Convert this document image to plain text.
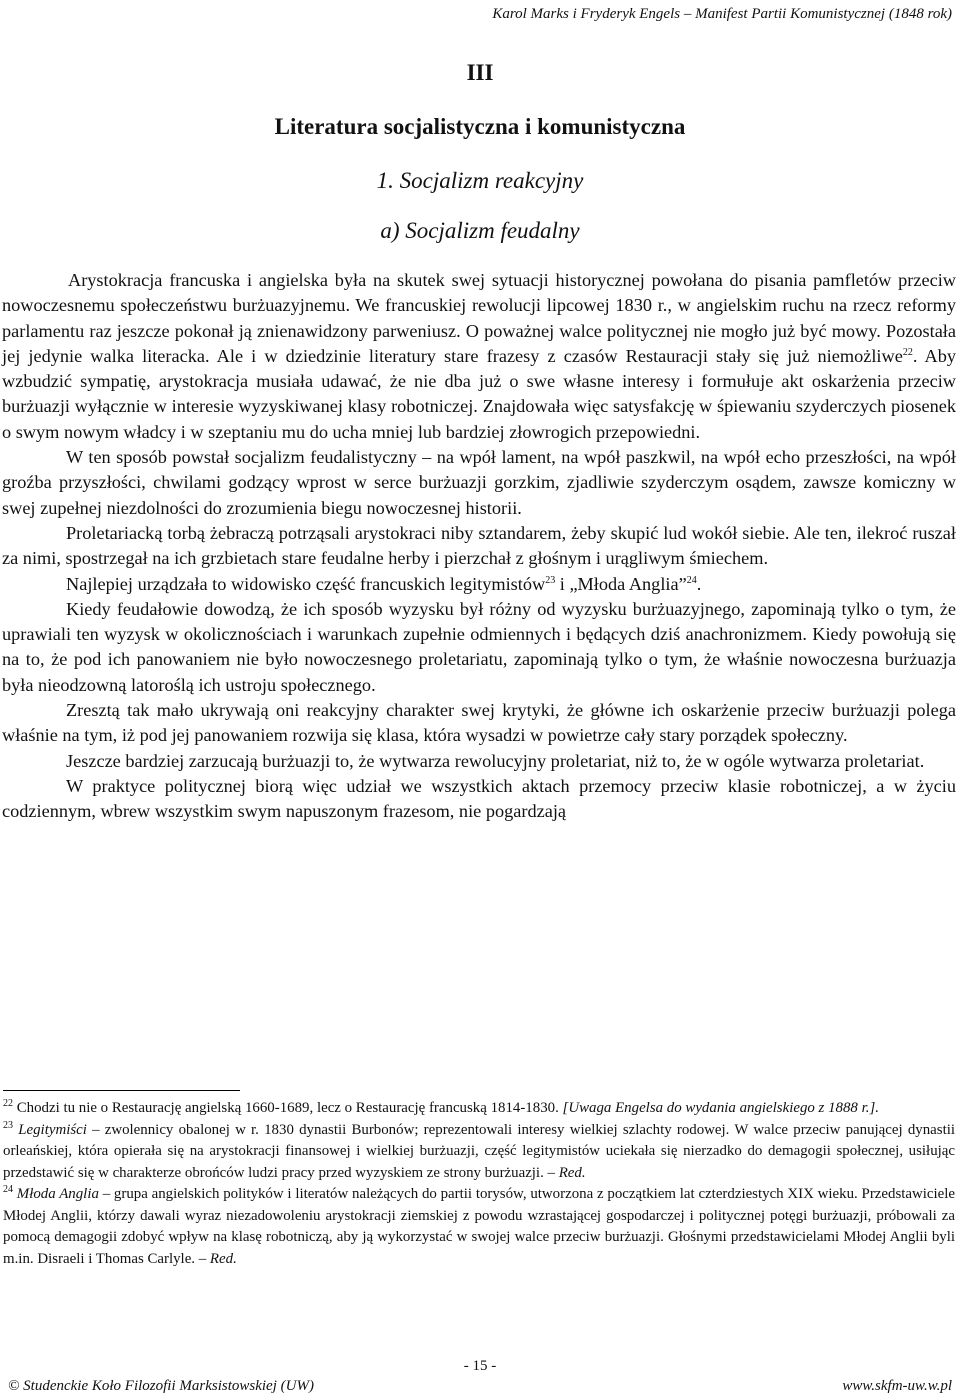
Karol Marks i Fryderyk Engels – Manifest Partii Komunistycznej (1848 rok)
III
Literatura socjalistyczna i komunistyczna
1. Socjalizm reakcyjny
a) Socjalizm feudalny

Arystokracja francuska i angielska była na skutek swej sytuacji historycznej powołana do pisania pamfletów przeciw nowoczesnemu społeczeństwu burżuazyjnemu. We francuskiej rewolucji lipcowej 1830 r., w angielskim ruchu na rzecz reformy parlamentu raz jeszcze pokonał ją znienawidzony parweniusz. O poważnej walce politycznej nie mogło już być mowy. Pozostała jej jedynie walka literacka. Ale i w dziedzinie literatury stare frazesy z czasów Restauracji stały się już niemożliwe$^{22}$. Aby wzbudzić sympatię, arystokracja musiała udawać, że nie dba już o swe własne interesy i formułuje akt oskarżenia przeciw burżuazji wyłącznie w interesie wyzyskiwanej klasy robotniczej. Znajdowała więc satysfakcję w śpiewaniu szyderczych piosenek o swym nowym władcy i w szeptaniu mu do ucha mniej lub bardziej złowrogich przepowiedni.

W ten sposób powstał socjalizm feudalistyczny – na wpół lament, na wpół paszkwil, na wpół echo przeszłości, na wpół groźba przyszłości, chwilami godzący wprost w serce burżuazji gorzkim, zjadliwie szyderczym osądem, zawsze komiczny w swej zupełnej niezdolności do zrozumienia biegu nowoczesnej historii.

Proletariacką torbą żebraczą potrząsali arystokraci niby sztandarem, żeby skupić lud wokół siebie. Ale ten, ilekroć ruszał za nimi, spostrzegał na ich grzbietach stare feudalne herby i pierzchał z głośnym i urągliwym śmiechem.

Najlepiej urządzała to widowisko część francuskich legitymistów$^{23}$ i „Młoda Anglia”$^{24}$.

Kiedy feudałowie dowodzą, że ich sposób wyzysku był różny od wyzysku burżuazyjnego, zapominają tylko o tym, że uprawiali ten wyzysk w okolicznościach i warunkach zupełnie odmiennych i będących dziś anachronizmem. Kiedy powołują się na to, że pod ich panowaniem nie było nowoczesnego proletariatu, zapominają tylko o tym, że właśnie nowoczesna burżuazja była nieodzowną latoroślą ich ustroju społecznego.

Zresztą tak mało ukrywają oni reakcyjny charakter swej krytyki, że główne ich oskarżenie przeciw burżuazji polega właśnie na tym, iż pod jej panowaniem rozwija się klasa, która wysadzi w powietrze cały stary porządek społeczny.

Jeszcze bardziej zarzucają burżuazji to, że wytwarza rewolucyjny proletariat, niż to, że w ogóle wytwarza proletariat.

W praktyce politycznej biorą więc udział we wszystkich aktach przemocy przeciw klasie robotniczej, a w życiu codziennym, wbrew wszystkim swym napuszonym frazesom, nie pogardzają

$^{22}$ Chodzi tu nie o Restaurację angielską 1660-1689, lecz o Restaurację francuską 1814-1830. [Uwaga Engelsa do wydania angielskiego z 1888 r.].

$^{23}$ Legitymiści – zwolennicy obalonej w r. 1830 dynastii Burbonów; reprezentowali interesy wielkiej szlachty rodowej. W walce przeciw panującej dynastii orleańskiej, która opierała się na arystokracji finansowej i wielkiej burżuazji, część legitymistów uciekała się nierzadko do demagogii społecznej, usiłując przedstawić się w charakterze obrońców ludzi pracy przed wyzyskiem ze strony burżuazji. – Red.

$^{24}$ Młoda Anglia – grupa angielskich polityków i literatów należących do partii torysów, utworzona z początkiem lat czterdziestych XIX wieku. Przedstawiciele Młodej Anglii, którzy dawali wyraz niezadowoleniu arystokracji ziemskiej z powodu wzrastającej gospodarczej i politycznej potęgi burżuazji, próbowali za pomocą demagogii zdobyć wpływ na klasę robotniczą, aby ją wykorzystać w swojej walce przeciw burżuazji. Głośnymi przedstawicielami Młodej Anglii byli m.in. Disraeli i Thomas Carlyle. – Red.

- 15 -
© Studenckie Koło Filozofii Marksistowskiej (UW)	www.skfm-uw.w.pl
